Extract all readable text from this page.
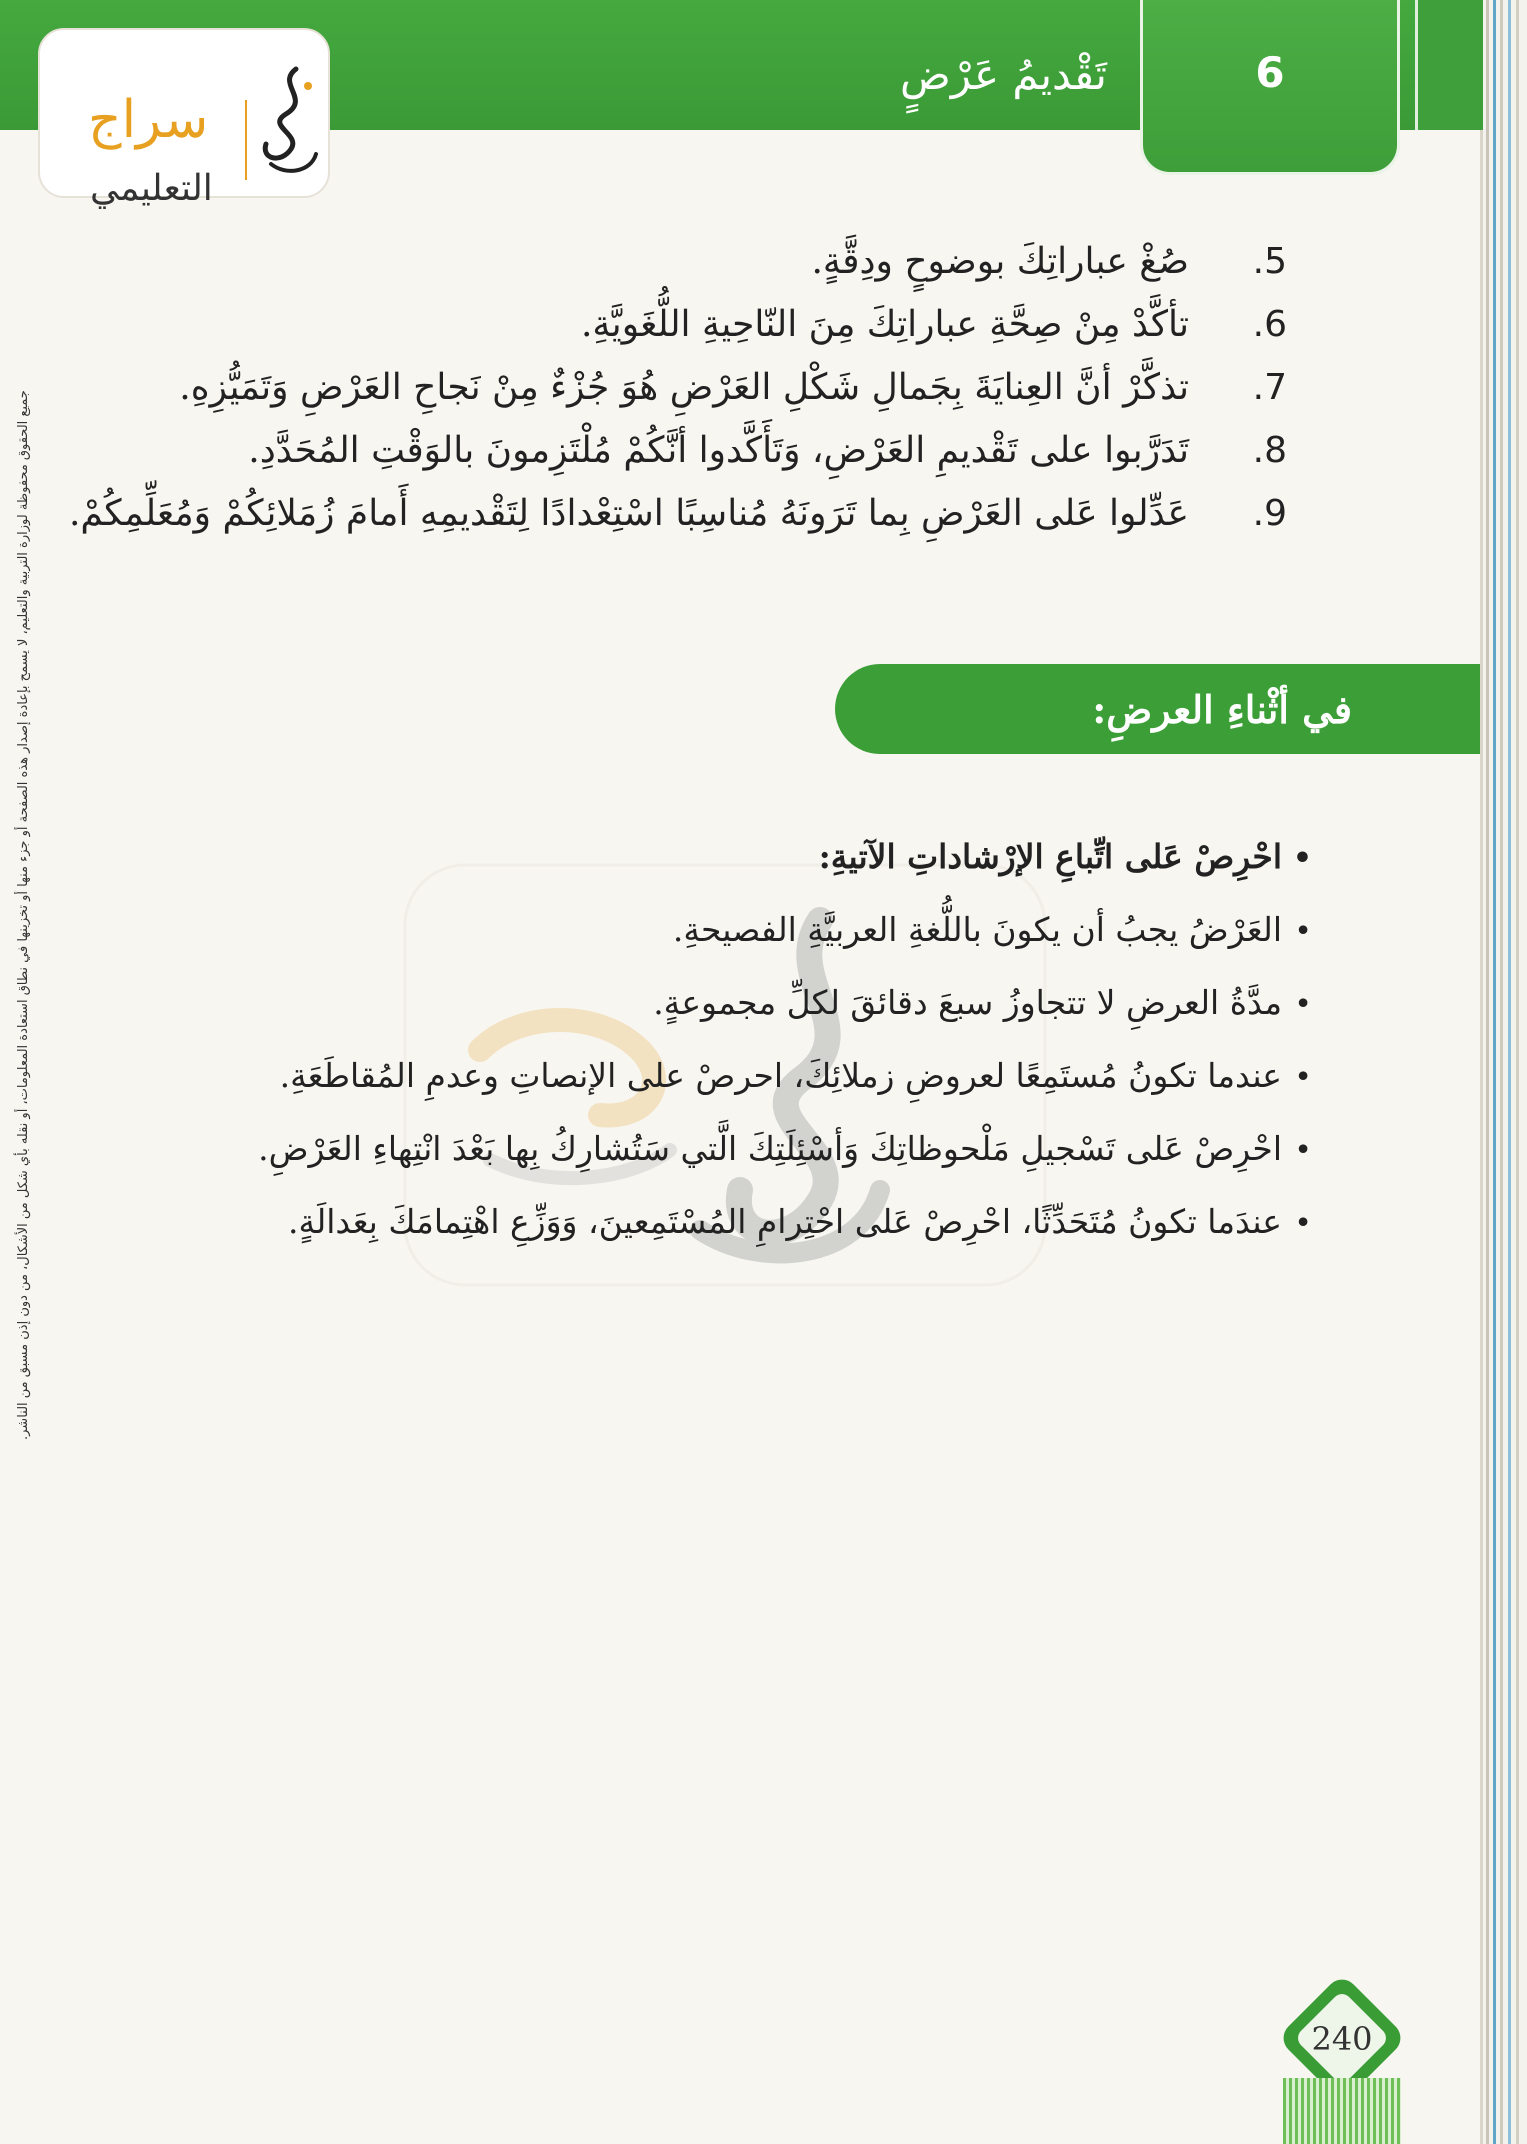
6
تَقْديمُ عَرْضٍ
سراج
التعليمي
5.
صُغْ عباراتِكَ بوضوحٍ ودِقَّةٍ.
6.
تأكَّدْ مِنْ صِحَّةِ عباراتِكَ مِنَ النّاحِيةِ اللُّغَويَّةِ.
7.
تذكَّرْ أنَّ العِنايَةَ بِجَمالِ شَكْلِ العَرْضِ هُوَ جُزْءٌ مِنْ نَجاحِ العَرْضِ وَتَمَيُّزِهِ.
8.
تَدَرَّبوا على تَقْديمِ العَرْضِ، وَتَأَكَّدوا أنَّكُمْ مُلْتَزِمونَ بالوَقْتِ المُحَدَّدِ.
9.
عَدِّلوا عَلى العَرْضِ بِما تَرَونَهُ مُناسِبًا اسْتِعْدادًا لِتَقْديمِهِ أَمامَ زُمَلائِكُمْ وَمُعَلِّمِكُمْ.
في أثْناءِ العرضِ:
•
احْرِصْ عَلى اتِّباعِ الإرْشاداتِ الآتيةِ:
•
العَرْضُ يجبُ أن يكونَ باللُّغةِ العربيَّةِ الفصيحةِ.
•
مدَّةُ العرضِ لا تتجاوزُ سبعَ دقائقَ لكلِّ مجموعةٍ.
•
عندما تكونُ مُستَمِعًا لعروضِ زملائِكَ، احرصْ على الإنصاتِ وعدمِ المُقاطَعَةِ.
•
احْرِصْ عَلى تَسْجيلِ مَلْحوظاتِكَ وَأسْئِلَتِكَ الَّتي سَتُشارِكُ بِها بَعْدَ انْتِهاءِ العَرْضِ.
•
عندَما تكونُ مُتَحَدِّثًا، احْرِصْ عَلى احْتِرامِ المُسْتَمِعينَ، وَوَزِّعِ اهْتِمامَكَ بِعَدالَةٍ.
جميع الحقوق محفوظة لوزارة التربية والتعليم، لا يسمح بإعادة إصدار هذه الصفحة أو جزء منها أو تخزينها في نطاق استعادة المعلومات، أو نقله بأي شكل من الأشكال، من دون إذن مسبق من الناشر.
240
